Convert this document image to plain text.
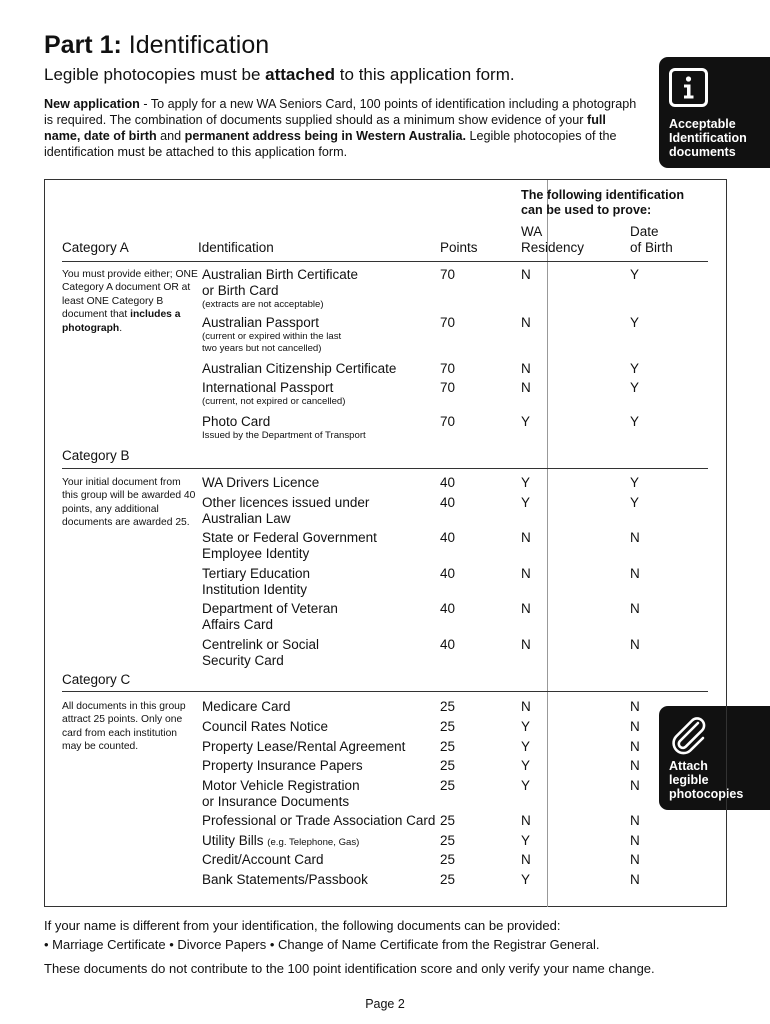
Part 1: Identification
Legible photocopies must be attached to this application form.
New application - To apply for a new WA Seniors Card, 100 points of identification including a photograph is required. The combination of documents supplied should as a minimum show evidence of your full name, date of birth and permanent address being in Western Australia. Legible photocopies of the identification must be attached to this application form.
Acceptable
Identification
documents
Attach
legible
photocopies
The following identification
can be used to prove:
Category A	Identification	Points
WA
Residency
Date
of Birth
You must provide either; ONE Category A document OR at least ONE Category B document that includes a photograph.
Australian Birth Certificate
or Birth Card
(extracts are not acceptable)
70	N	Y
Australian Passport
(current or expired within the last
two years but not cancelled)
70	N	Y
Australian Citizenship Certificate	70	N	Y
International Passport
(current, not expired or cancelled)
70	N	Y
Photo Card
Issued by the Department of Transport
70	Y	Y
Category B
Your initial document from this group will be awarded 40 points, any additional documents are awarded 25.
WA Drivers Licence	40	Y	Y
Other licences issued under
Australian Law
40	Y	Y
State or Federal Government
Employee Identity
40	N	N
Tertiary Education
Institution Identity
40	N	N
Department of Veteran
Affairs Card
40	N	N
Centrelink or Social
Security Card
40	N	N
Category C
All documents in this group attract 25 points. Only one card from each institution may be counted.
Medicare Card	25	N	N
Council Rates Notice	25	Y	N
Property Lease/Rental Agreement	25	Y	N
Property Insurance Papers	25	Y	N
Motor Vehicle Registration
or Insurance Documents
25	Y	N
Professional or Trade Association Card 25	N	N
Utility Bills (e.g. Telephone, Gas)	25	Y	N
Credit/Account Card	25	N	N
Bank Statements/Passbook	25	Y	N
If your name is different from your identification, the following documents can be provided:
• Marriage Certificate • Divorce Papers • Change of Name Certificate from the Registrar General.
These documents do not contribute to the 100 point identification score and only verify your name change.
Page 2
